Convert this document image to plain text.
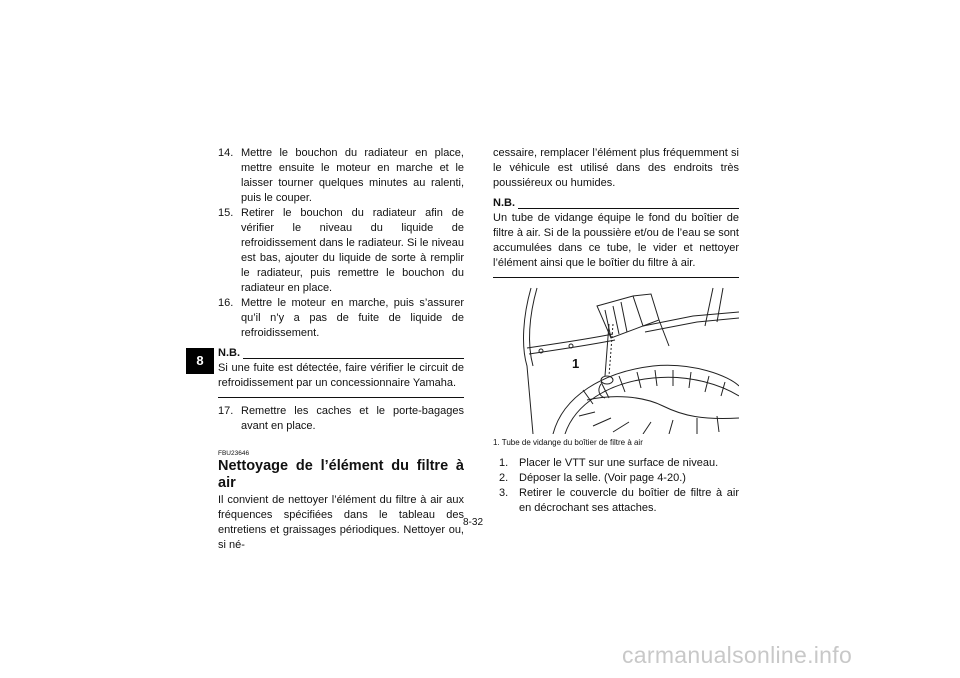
8
14. Mettre le bouchon du radiateur en place, mettre ensuite le moteur en marche et le laisser tourner quelques minutes au ralenti, puis le couper.
15. Retirer le bouchon du radiateur afin de vérifier le niveau du liquide de refroidissement dans le radiateur. Si le niveau est bas, ajouter du liquide de sorte à remplir le radiateur, puis remettre le bouchon du radiateur en place.
16. Mettre le moteur en marche, puis s’assurer qu’il n’y a pas de fuite de liquide de refroidissement.
N.B.
Si une fuite est détectée, faire vérifier le circuit de refroidissement par un concessionnaire Yamaha.
17. Remettre les caches et le porte-bagages avant en place.
FBU23646
Nettoyage de l’élément du filtre à air
Il convient de nettoyer l’élément du filtre à air aux fréquences spécifiées dans le tableau des entretiens et graissages périodiques. Nettoyer ou, si né-
cessaire, remplacer l’élément plus fréquemment si le véhicule est utilisé dans des endroits très poussiéreux ou humides.
N.B.
Un tube de vidange équipe le fond du boîtier de filtre à air. Si de la poussière et/ou de l’eau se sont accumulées dans ce tube, le vider et nettoyer l’élément ainsi que le boîtier du filtre à air.
1
1. Tube de vidange du boîtier de filtre à air
1. Placer le VTT sur une surface de niveau.
2. Déposer la selle. (Voir page 4-20.)
3. Retirer le couvercle du boîtier de filtre à air en décrochant ses attaches.
8-32
carmanualsonline.info
